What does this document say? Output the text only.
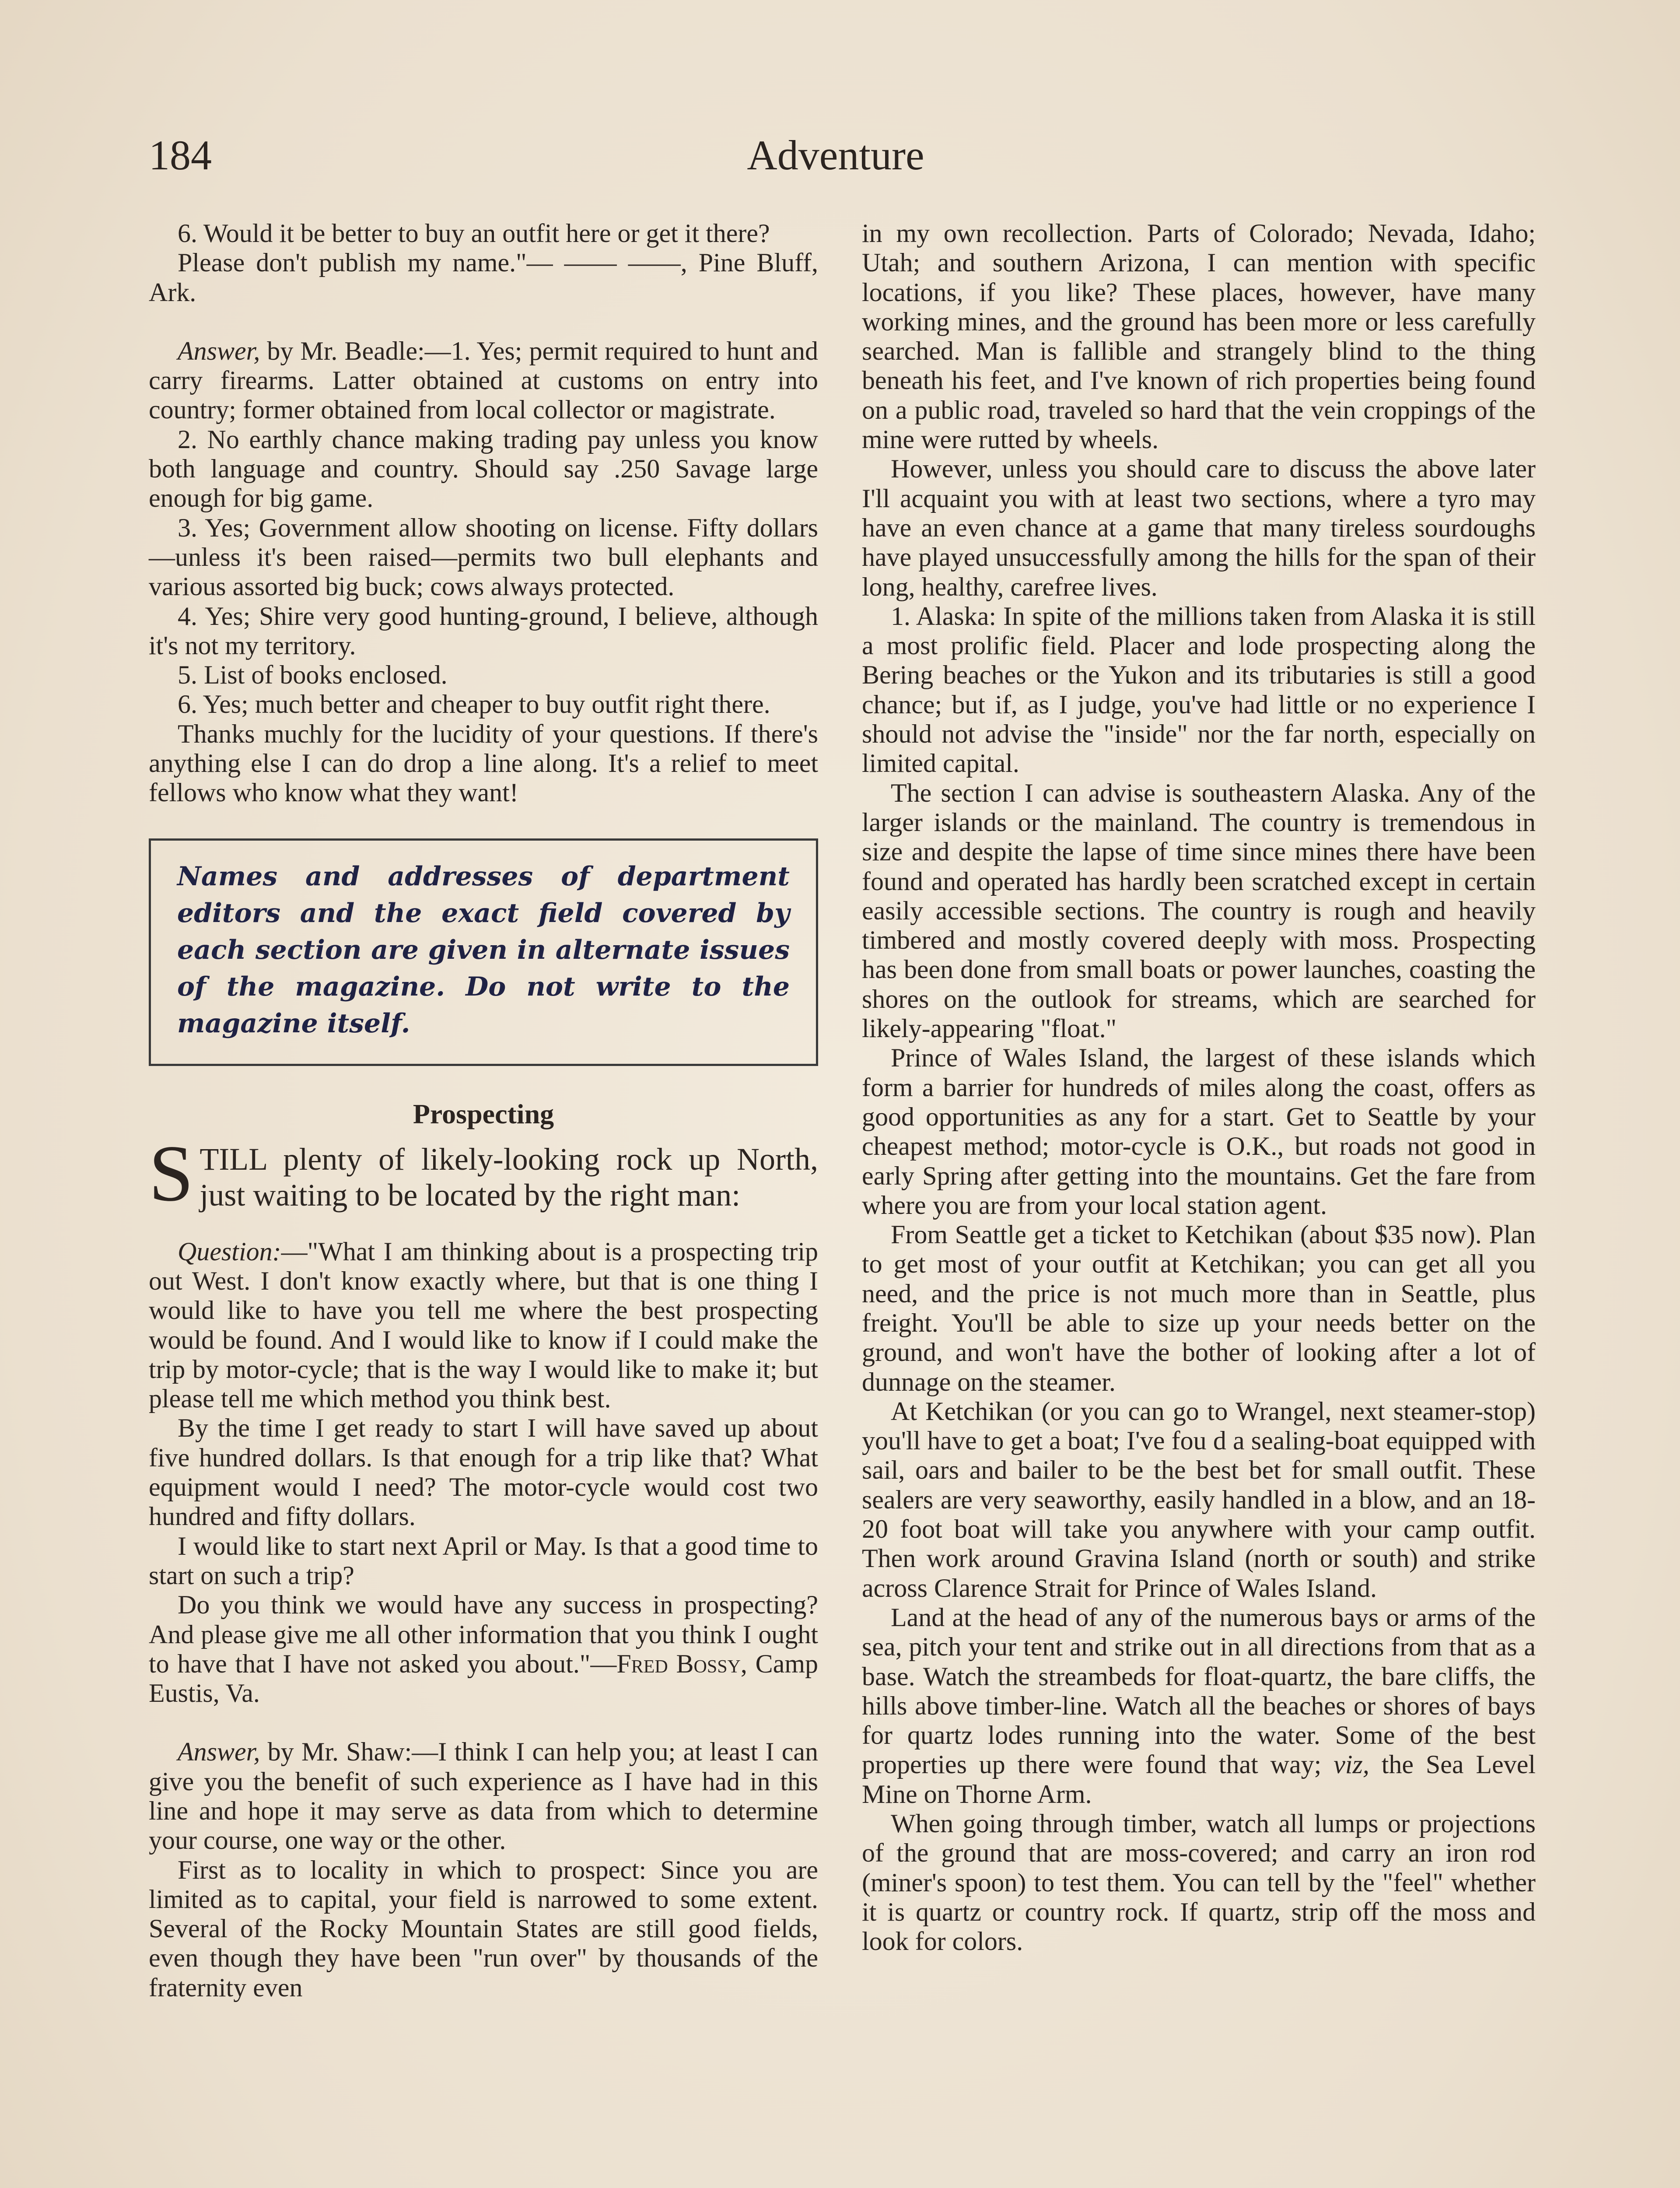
184	Adventure

6. Would it be better to buy an outfit here or get it there?

Please don't publish my name."— —— ——, Pine Bluff, Ark.

Answer, by Mr. Beadle:—1. Yes; permit required to hunt and carry firearms. Latter obtained at customs on entry into country; former obtained from local collector or magistrate.

2. No earthly chance making trading pay unless you know both language and country. Should say .250 Savage large enough for big game.

3. Yes; Government allow shooting on license. Fifty dollars—unless it's been raised—permits two bull elephants and various assorted big buck; cows always protected.

4. Yes; Shire very good hunting-ground, I believe, although it's not my territory.

5. List of books enclosed.

6. Yes; much better and cheaper to buy outfit right there.

Thanks muchly for the lucidity of your questions. If there's anything else I can do drop a line along. It's a relief to meet fellows who know what they want!

Names and addresses of department editors and the exact field covered by each section are given in alternate issues of the magazine. Do not write to the magazine itself.

Prospecting
STILL plenty of likely-looking rock up North, just waiting to be located by the right man:

Question:—"What I am thinking about is a prospecting trip out West. I don't know exactly where, but that is one thing I would like to have you tell me where the best prospecting would be found. And I would like to know if I could make the trip by motor-cycle; that is the way I would like to make it; but please tell me which method you think best.

By the time I get ready to start I will have saved up about five hundred dollars. Is that enough for a trip like that? What equipment would I need? The motor-cycle would cost two hundred and fifty dollars.

I would like to start next April or May. Is that a good time to start on such a trip?

Do you think we would have any success in prospecting? And please give me all other information that you think I ought to have that I have not asked you about."—Fred Bossy, Camp Eustis, Va.

Answer, by Mr. Shaw:—I think I can help you; at least I can give you the benefit of such experience as I have had in this line and hope it may serve as data from which to determine your course, one way or the other.

First as to locality in which to prospect: Since you are limited as to capital, your field is narrowed to some extent. Several of the Rocky Mountain States are still good fields, even though they have been "run over" by thousands of the fraternity even

in my own recollection. Parts of Colorado; Nevada, Idaho; Utah; and southern Arizona, I can mention with specific locations, if you like? These places, however, have many working mines, and the ground has been more or less carefully searched. Man is fallible and strangely blind to the thing beneath his feet, and I've known of rich properties being found on a public road, traveled so hard that the vein croppings of the mine were rutted by wheels.

However, unless you should care to discuss the above later I'll acquaint you with at least two sections, where a tyro may have an even chance at a game that many tireless sourdoughs have played unsuccessfully among the hills for the span of their long, healthy, carefree lives.

1. Alaska: In spite of the millions taken from Alaska it is still a most prolific field. Placer and lode prospecting along the Bering beaches or the Yukon and its tributaries is still a good chance; but if, as I judge, you've had little or no experience I should not advise the "inside" nor the far north, especially on limited capital.

The section I can advise is southeastern Alaska. Any of the larger islands or the mainland. The country is tremendous in size and despite the lapse of time since mines there have been found and operated has hardly been scratched except in certain easily accessible sections. The country is rough and heavily timbered and mostly covered deeply with moss. Prospecting has been done from small boats or power launches, coasting the shores on the outlook for streams, which are searched for likely-appearing "float."

Prince of Wales Island, the largest of these islands which form a barrier for hundreds of miles along the coast, offers as good opportunities as any for a start. Get to Seattle by your cheapest method; motor-cycle is O.K., but roads not good in early Spring after getting into the mountains. Get the fare from where you are from your local station agent.

From Seattle get a ticket to Ketchikan (about $35 now). Plan to get most of your outfit at Ketchikan; you can get all you need, and the price is not much more than in Seattle, plus freight. You'll be able to size up your needs better on the ground, and won't have the bother of looking after a lot of dunnage on the steamer.

At Ketchikan (or you can go to Wrangel, next steamer-stop) you'll have to get a boat; I've fou d a sealing-boat equipped with sail, oars and bailer to be the best bet for small outfit. These sealers are very seaworthy, easily handled in a blow, and an 18-20 foot boat will take you anywhere with your camp outfit. Then work around Gravina Island (north or south) and strike across Clarence Strait for Prince of Wales Island.

Land at the head of any of the numerous bays or arms of the sea, pitch your tent and strike out in all directions from that as a base. Watch the streambeds for float-quartz, the bare cliffs, the hills above timber-line. Watch all the beaches or shores of bays for quartz lodes running into the water. Some of the best properties up there were found that way; viz, the Sea Level Mine on Thorne Arm.

When going through timber, watch all lumps or projections of the ground that are moss-covered; and carry an iron rod (miner's spoon) to test them. You can tell by the "feel" whether it is quartz or country rock. If quartz, strip off the moss and look for colors.
